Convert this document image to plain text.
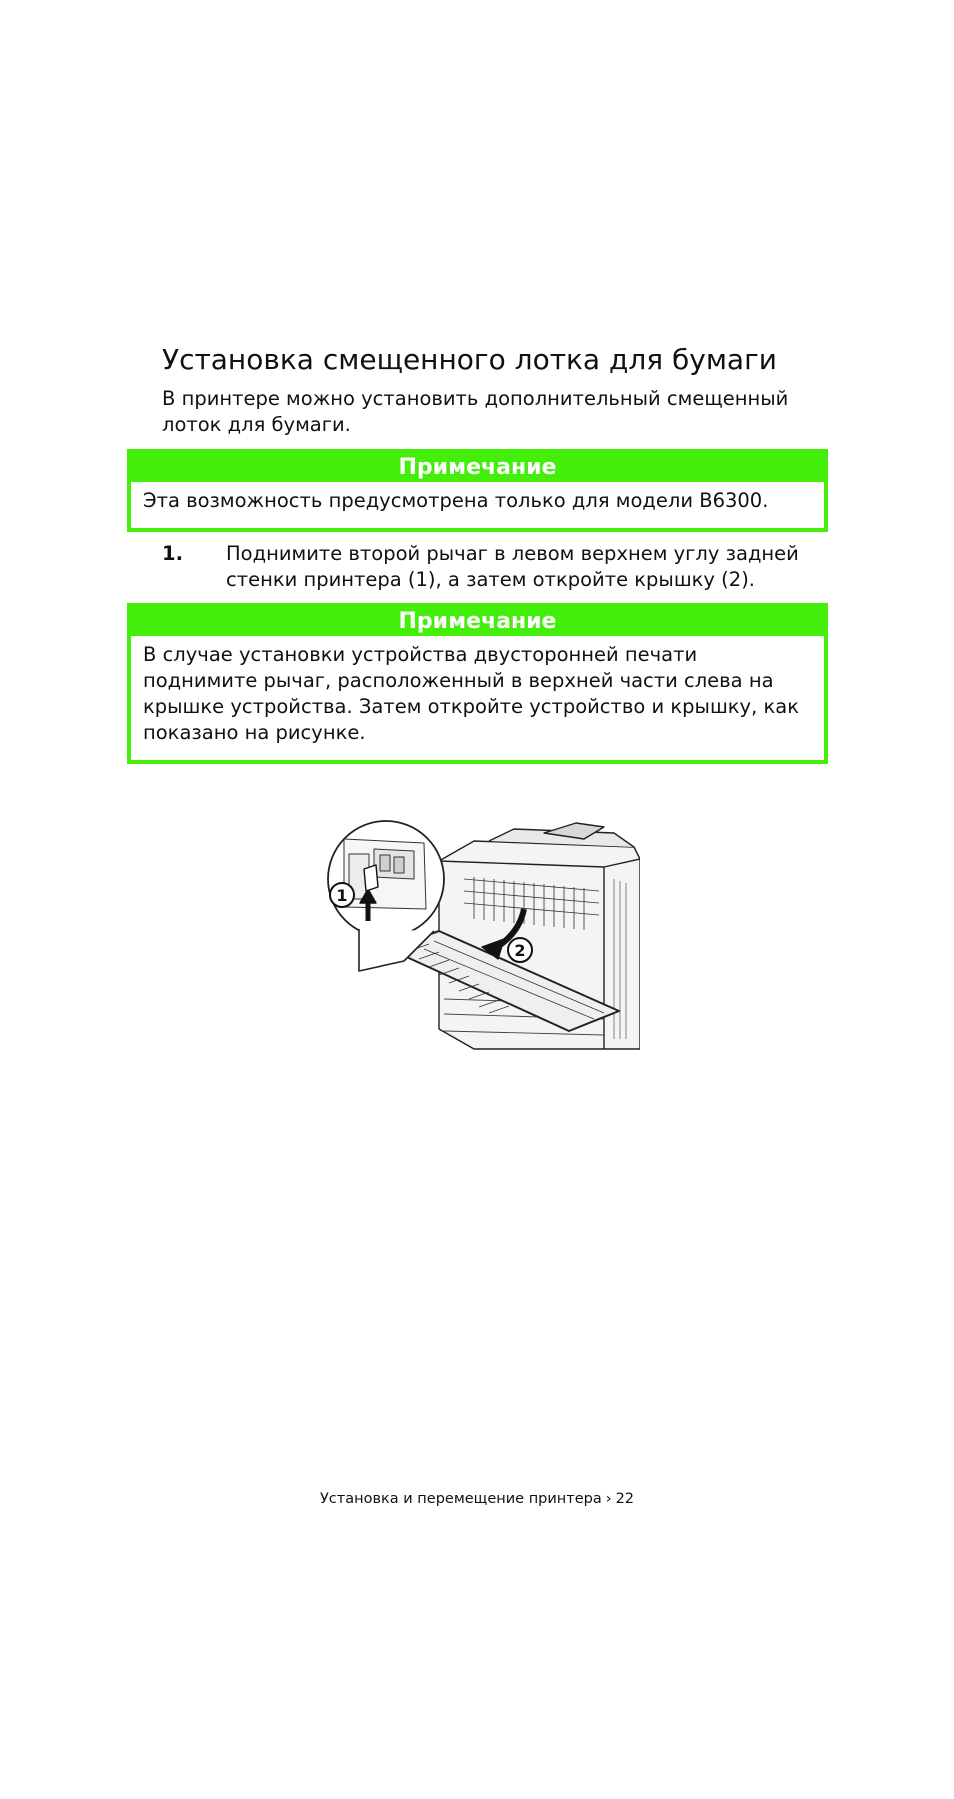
Установка смещенного лотка для бумаги

В принтере можно установить дополнительный смещенный лоток для бумаги.

Примечание
Эта возможность предусмотрена только для модели B6300.
1. Поднимите второй рычаг в левом верхнем углу задней стенки принтера (1), а затем откройте крышку (2).
Примечание
В случае установки устройства двусторонней печати поднимите рычаг, расположенный в верхней части слева на крышке устройства. Затем откройте устройство и крышку, как показано на рисунке.
1
2
Установка и перемещение принтера › 22
